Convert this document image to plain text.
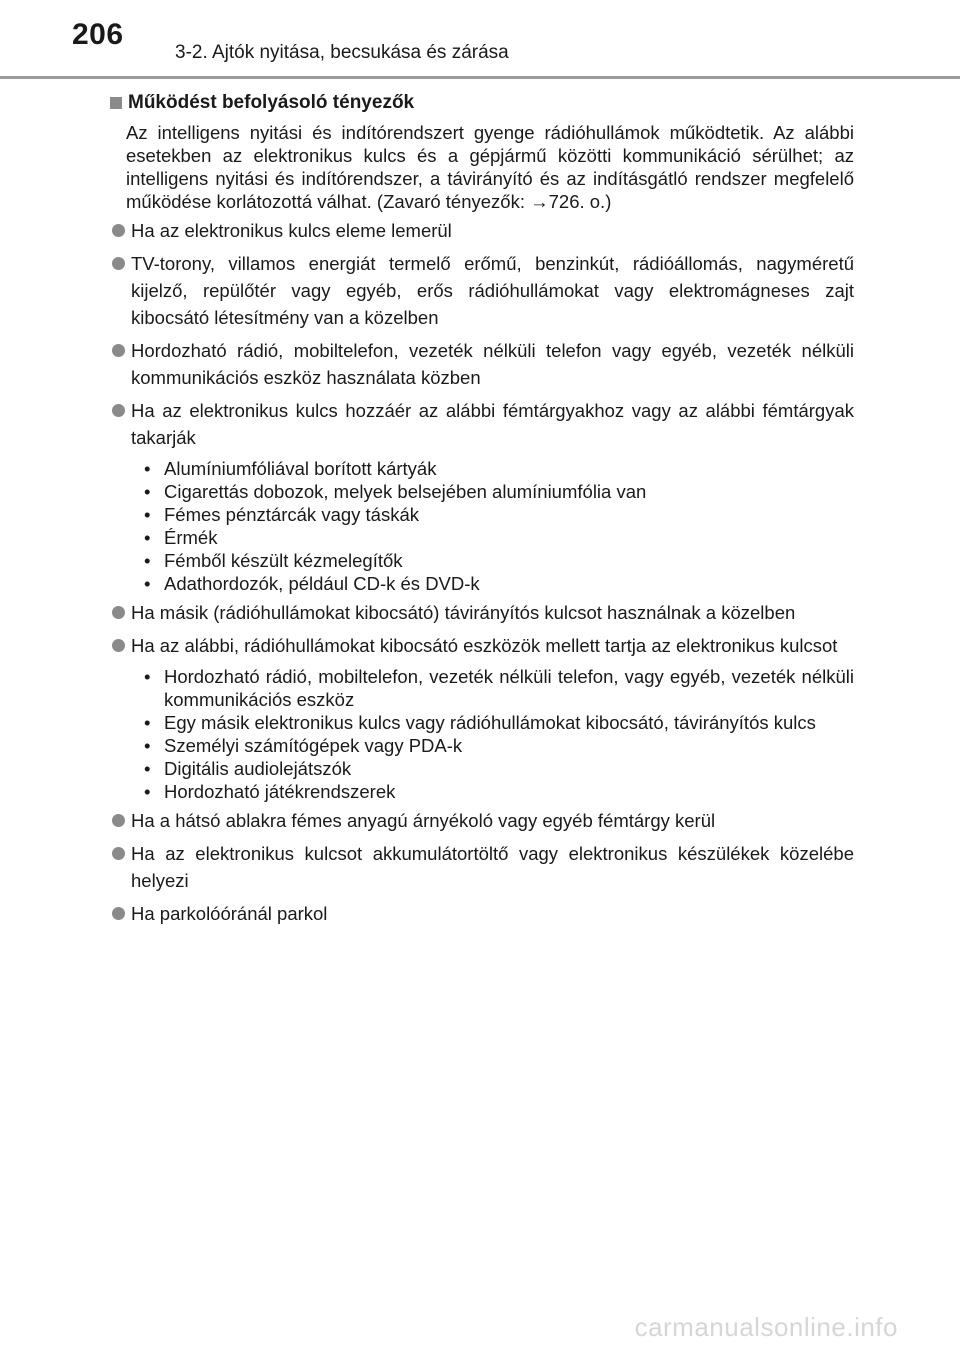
206
3-2. Ajtók nyitása, becsukása és zárása
Működést befolyásoló tényezők

Az intelligens nyitási és indítórendszert gyenge rádióhullámok működtetik. Az alábbi esetekben az elektronikus kulcs és a gépjármű közötti kommunikáció sérülhet; az intelligens nyitási és indítórendszer, a távirányító és az indításgátló rendszer megfelelő működése korlátozottá válhat. (Zavaró tényezők: →726. o.)

Ha az elektronikus kulcs eleme lemerül
TV-torony, villamos energiát termelő erőmű, benzinkút, rádióállomás, nagyméretű kijelző, repülőtér vagy egyéb, erős rádióhullámokat vagy elektromágneses zajt kibocsátó létesítmény van a közelben
Hordozható rádió, mobiltelefon, vezeték nélküli telefon vagy egyéb, vezeték nélküli kommunikációs eszköz használata közben
Ha az elektronikus kulcs hozzáér az alábbi fémtárgyakhoz vagy az alábbi fémtárgyak takarják
• Alumíniumfóliával borított kártyák
• Cigarettás dobozok, melyek belsejében alumíniumfólia van
• Fémes pénztárcák vagy táskák
• Érmék
• Fémből készült kézmelegítők
• Adathordozók, például CD-k és DVD-k
Ha másik (rádióhullámokat kibocsátó) távirányítós kulcsot használnak a közelben
Ha az alábbi, rádióhullámokat kibocsátó eszközök mellett tartja az elektronikus kulcsot
• Hordozható rádió, mobiltelefon, vezeték nélküli telefon, vagy egyéb, vezeték nélküli kommunikációs eszköz
• Egy másik elektronikus kulcs vagy rádióhullámokat kibocsátó, távirányítós kulcs
• Személyi számítógépek vagy PDA-k
• Digitális audiolejátszók
• Hordozható játékrendszerek
Ha a hátsó ablakra fémes anyagú árnyékoló vagy egyéb fémtárgy kerül
Ha az elektronikus kulcsot akkumulátortöltő vagy elektronikus készülékek közelébe helyezi
Ha parkolóóránál parkol
carmanualsonline.info
